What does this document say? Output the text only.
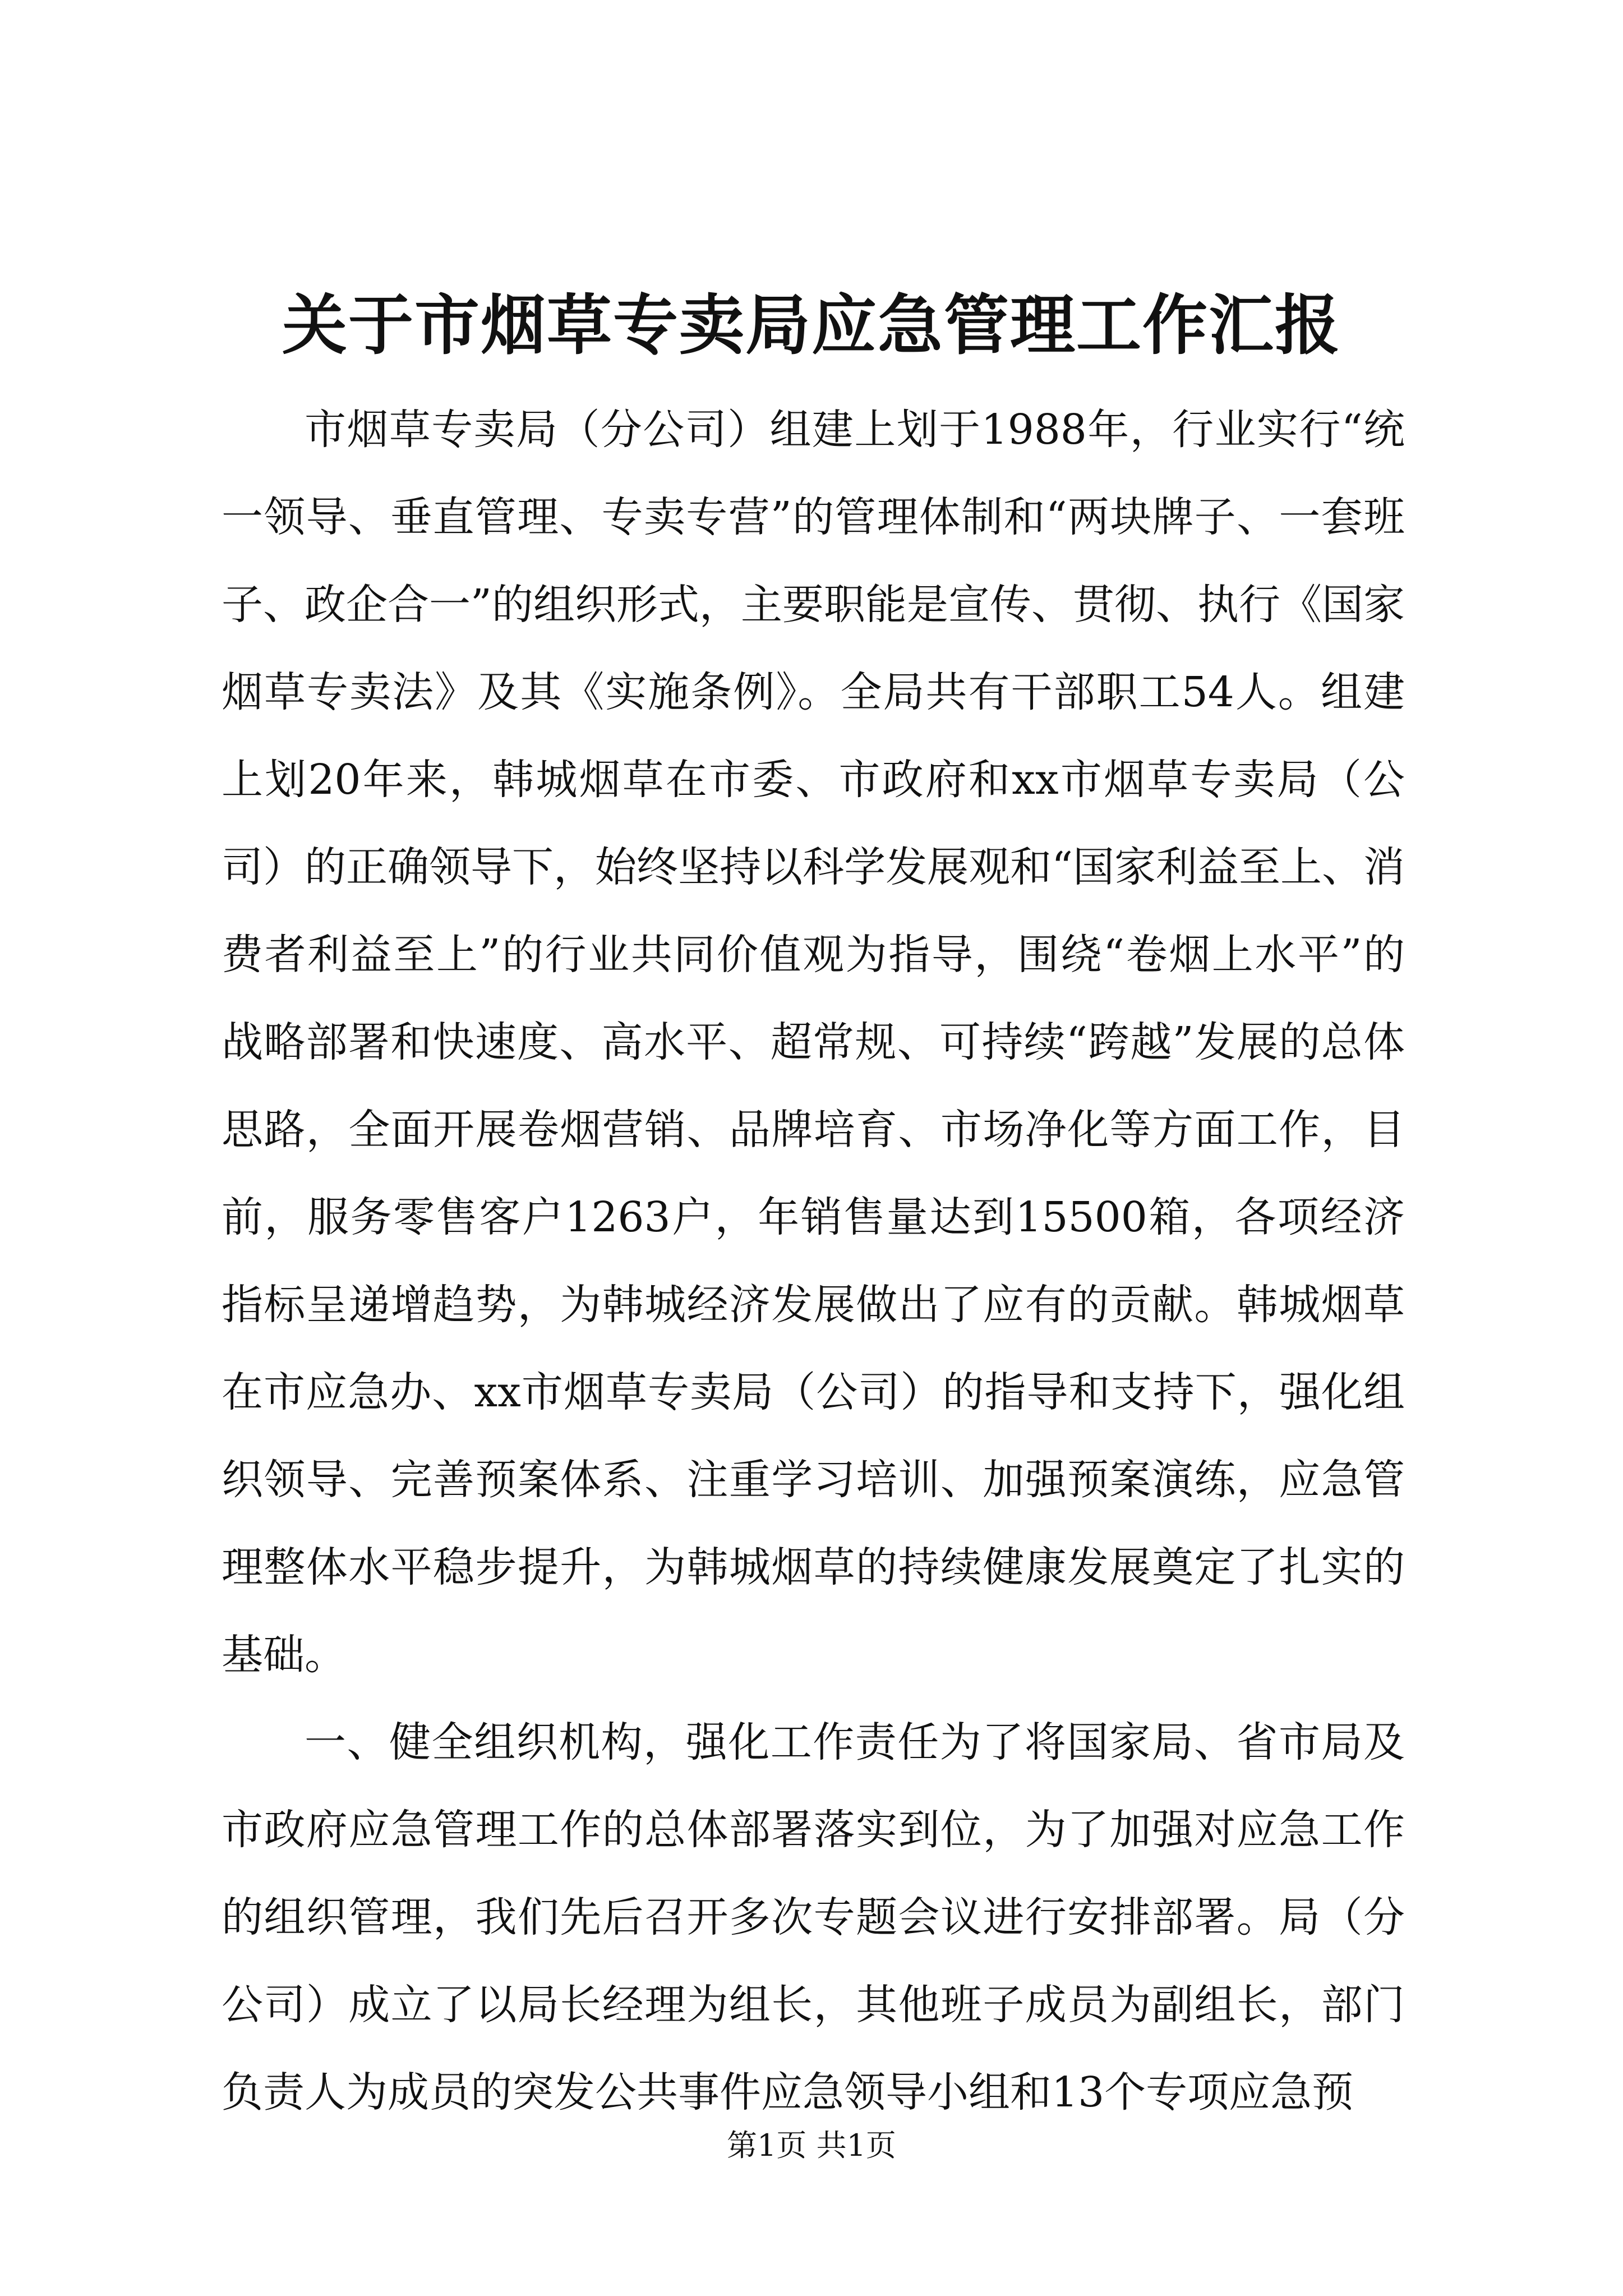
关于市烟草专卖局应急管理工作汇报

市烟草专卖局（分公司）组建上划于1988年，行业实行“统一领导、垂直管理、专卖专营”的管理体制和“两块牌子、一套班子、政企合一”的组织形式，主要职能是宣传、贯彻、执行《国家烟草专卖法》及其《实施条例》。全局共有干部职工54人。组建上划20年来，韩城烟草在市委、市政府和xx市烟草专卖局（公司）的正确领导下，始终坚持以科学发展观和“国家利益至上、消费者利益至上”的行业共同价值观为指导，围绕“卷烟上水平”的战略部署和快速度、高水平、超常规、可持续“跨越”发展的总体思路，全面开展卷烟营销、品牌培育、市场净化等方面工作，目前，服务零售客户1263户，年销售量达到15500箱，各项经济指标呈递增趋势，为韩城经济发展做出了应有的贡献。韩城烟草在市应急办、xx市烟草专卖局（公司）的指导和支持下，强化组织领导、完善预案体系、注重学习培训、加强预案演练，应急管理整体水平稳步提升，为韩城烟草的持续健康发展奠定了扎实的基础。

一、健全组织机构，强化工作责任为了将国家局、省市局及市政府应急管理工作的总体部署落实到位，为了加强对应急工作的组织管理，我们先后召开多次专题会议进行安排部署。局（分公司）成立了以局长经理为组长，其他班子成员为副组长，部门负责人为成员的突发公共事件应急领导小组和13个专项应急预

第1页 共1页
